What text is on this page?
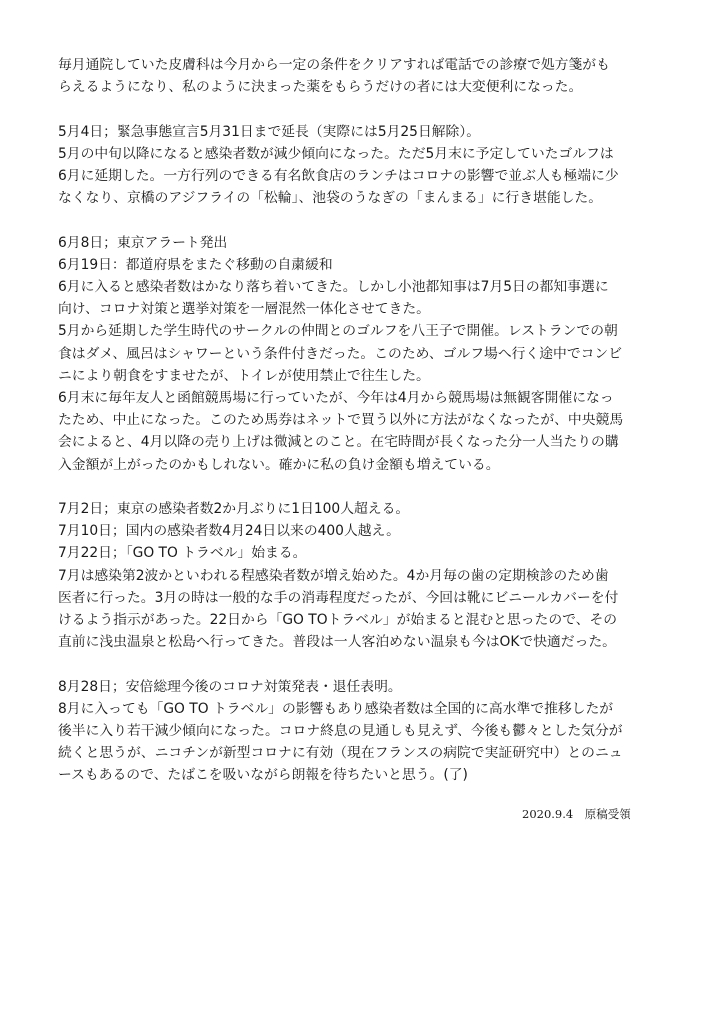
毎月通院していた皮膚科は今月から一定の条件をクリアすれば電話での診療で処方箋がも
らえるようになり、私のように決まった薬をもらうだけの者には大変便利になった。

5月4日；緊急事態宣言5月31日まで延長（実際には5月25日解除）。
5月の中旬以降になると感染者数が減少傾向になった。ただ5月末に予定していたゴルフは
6月に延期した。一方行列のできる有名飲食店のランチはコロナの影響で並ぶ人も極端に少
なくなり、京橋のアジフライの「松輪」、池袋のうなぎの「まんまる」に行き堪能した。

6月8日；東京アラート発出
6月19日：都道府県をまたぐ移動の自粛緩和
6月に入ると感染者数はかなり落ち着いてきた。しかし小池都知事は7月5日の都知事選に
向け、コロナ対策と選挙対策を一層混然一体化させてきた。
5月から延期した学生時代のサークルの仲間とのゴルフを八王子で開催。レストランでの朝
食はダメ、風呂はシャワーという条件付きだった。このため、ゴルフ場へ行く途中でコンビ
ニにより朝食をすませたが、トイレが使用禁止で往生した。
6月末に毎年友人と函館競馬場に行っていたが、今年は4月から競馬場は無観客開催になっ
たため、中止になった。このため馬券はネットで買う以外に方法がなくなったが、中央競馬
会によると、4月以降の売り上げは微減とのこと。在宅時間が長くなった分一人当たりの購
入金額が上がったのかもしれない。確かに私の負け金額も増えている。

7月2日；東京の感染者数2か月ぶりに1日100人超える。
7月10日；国内の感染者数4月24日以来の400人越え。
7月22日；「GO TO トラベル」始まる。
7月は感染第2波かといわれる程感染者数が増え始めた。4か月毎の歯の定期検診のため歯
医者に行った。3月の時は一般的な手の消毒程度だったが、今回は靴にビニールカバーを付
けるよう指示があった。22日から「GO TOトラベル」が始まると混むと思ったので、その
直前に浅虫温泉と松島へ行ってきた。普段は一人客泊めない温泉も今はOKで快適だった。

8月28日；安倍総理今後のコロナ対策発表・退任表明。
8月に入っても「GO TO トラベル」の影響もあり感染者数は全国的に高水準で推移したが
後半に入り若干減少傾向になった。コロナ終息の見通しも見えず、今後も鬱々とした気分が
続くと思うが、ニコチンが新型コロナに有効（現在フランスの病院で実証研究中）とのニュ
ースもあるので、たばこを吸いながら朗報を待ちたいと思う。(了)

2020.9.4　原稿受領
